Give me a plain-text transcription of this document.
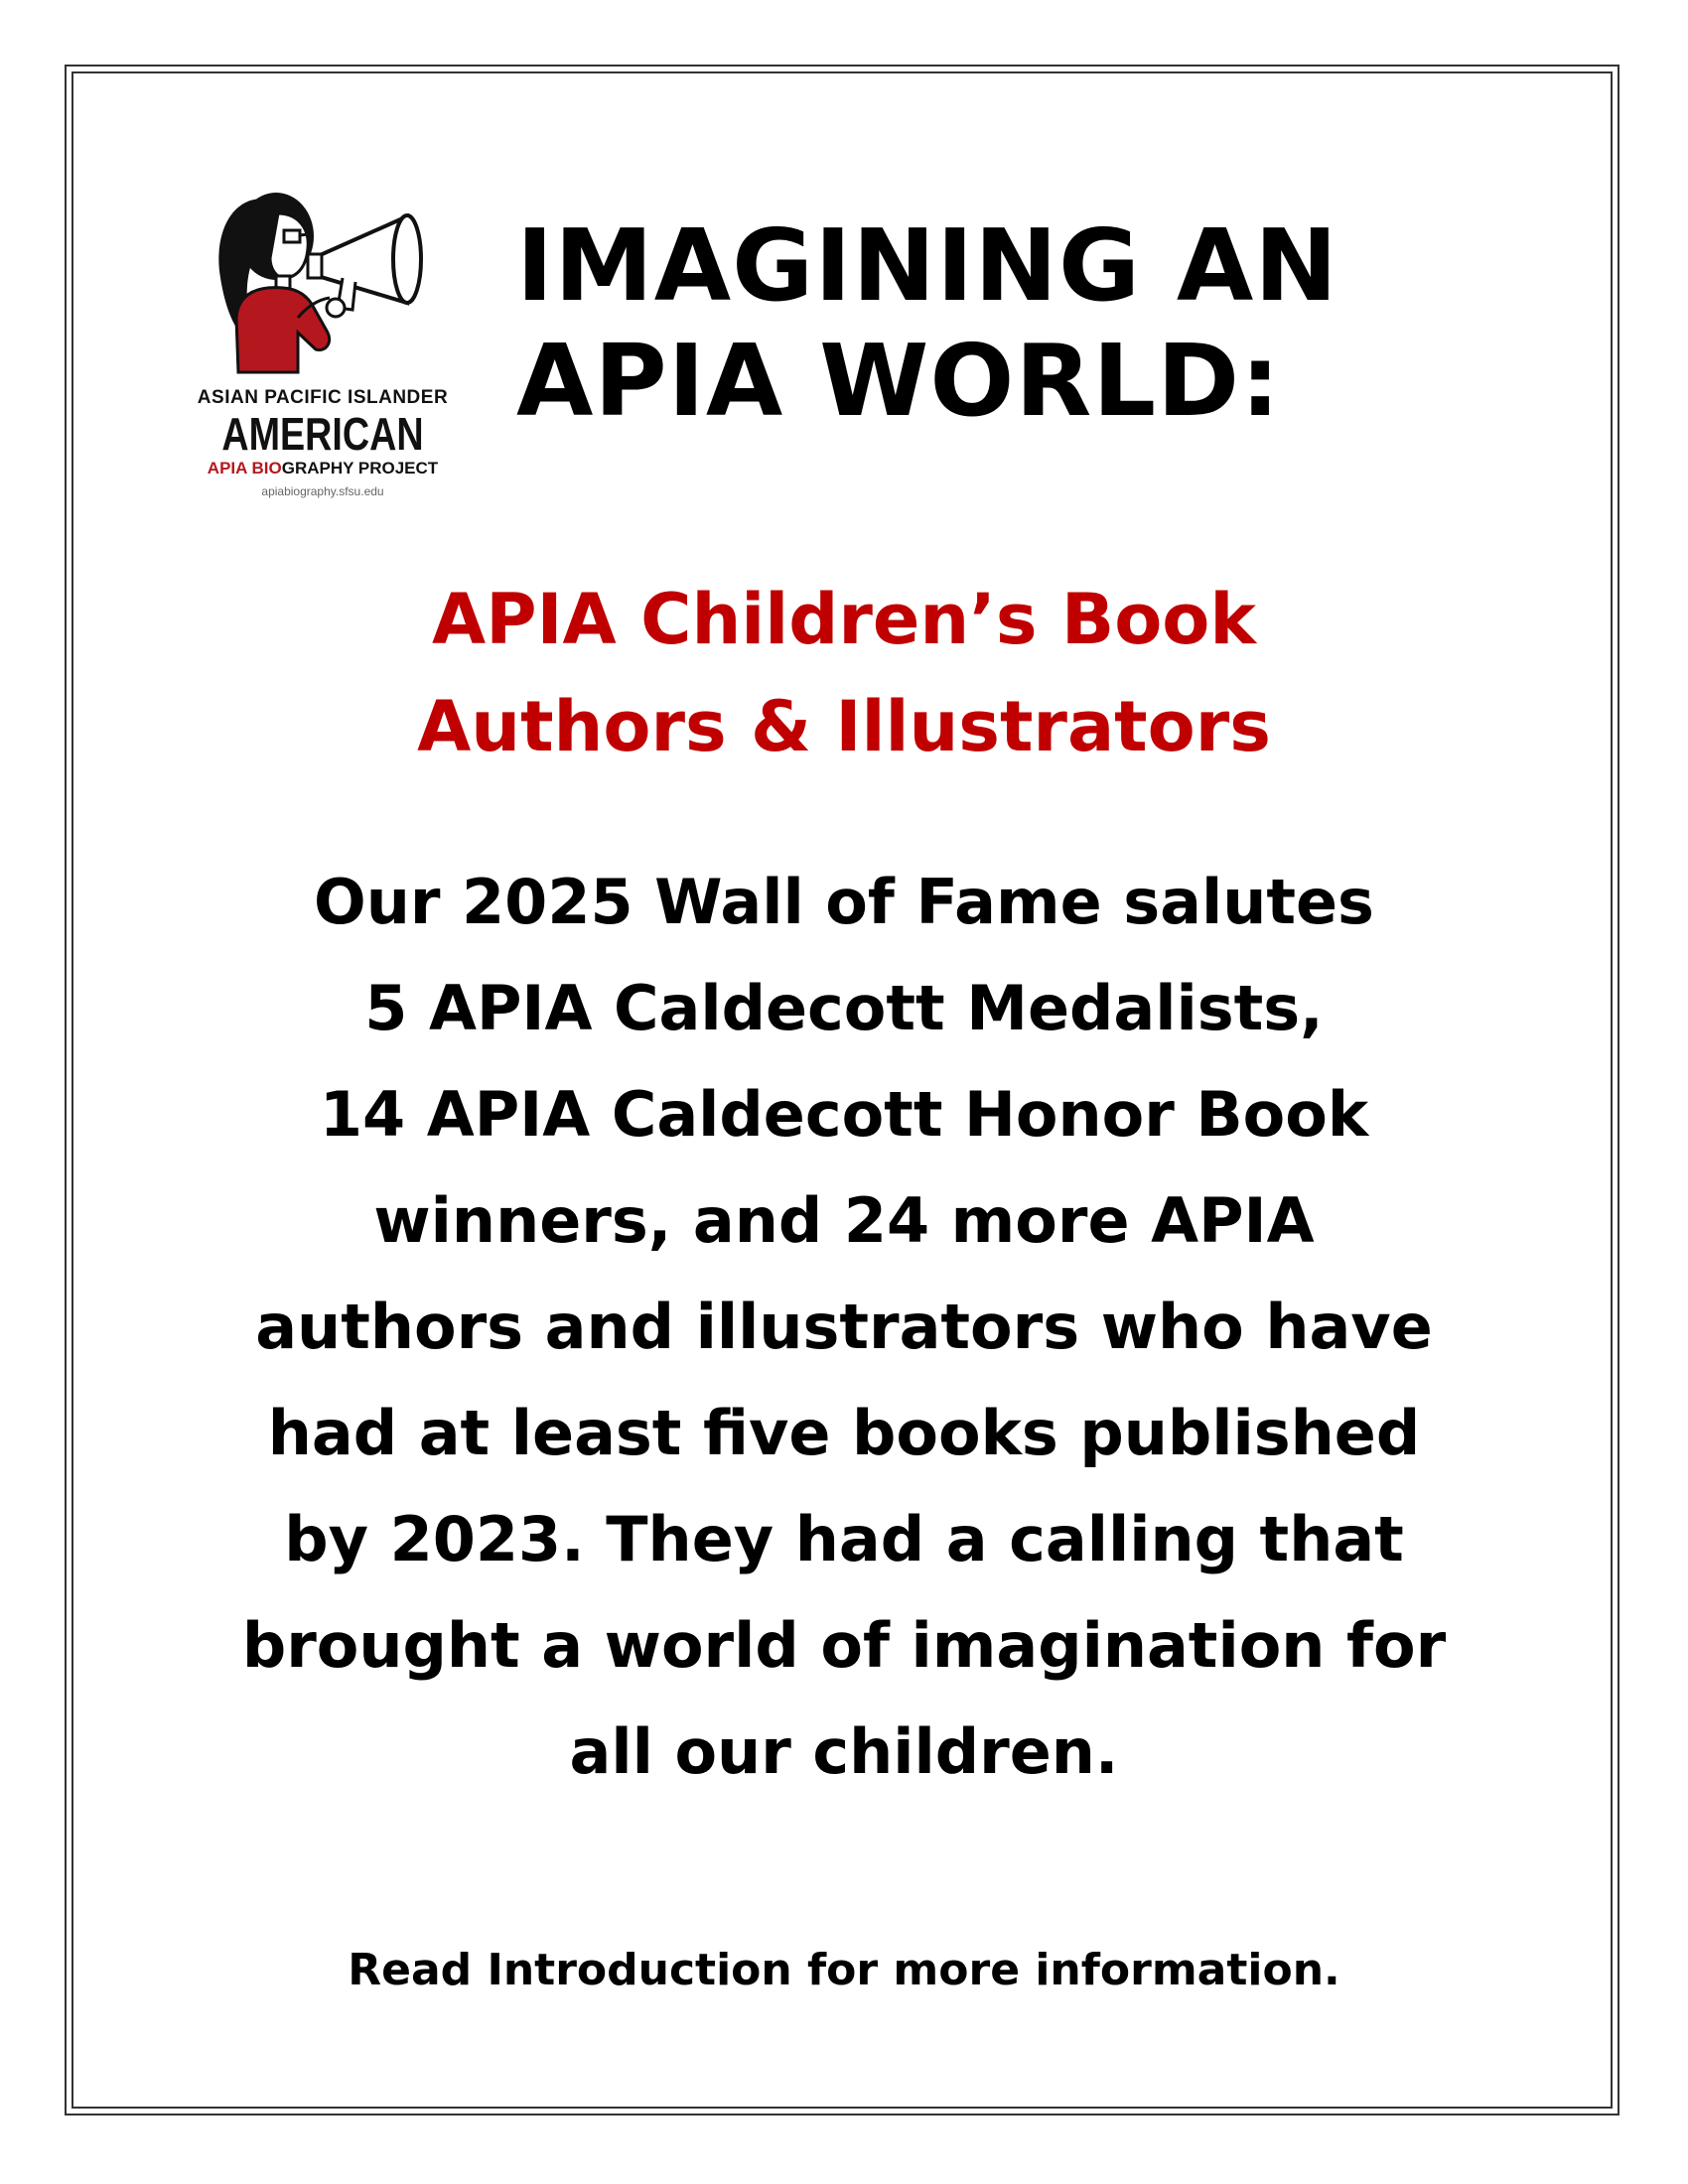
ASIAN PACIFIC ISLANDER
AMERICAN
APIA BIOGRAPHY PROJECT
apiabiography.sfsu.edu
IMAGINING AN
APIA WORLD:
APIA Children’s Book
Authors & Illustrators

Our 2025 Wall of Fame salutes
5 APIA Caldecott Medalists,
14 APIA Caldecott Honor Book
winners, and 24 more APIA
authors and illustrators who have
had at least five books published
by 2023. They had a calling that
brought a world of imagination for
all our children.

Read Introduction for more information.
